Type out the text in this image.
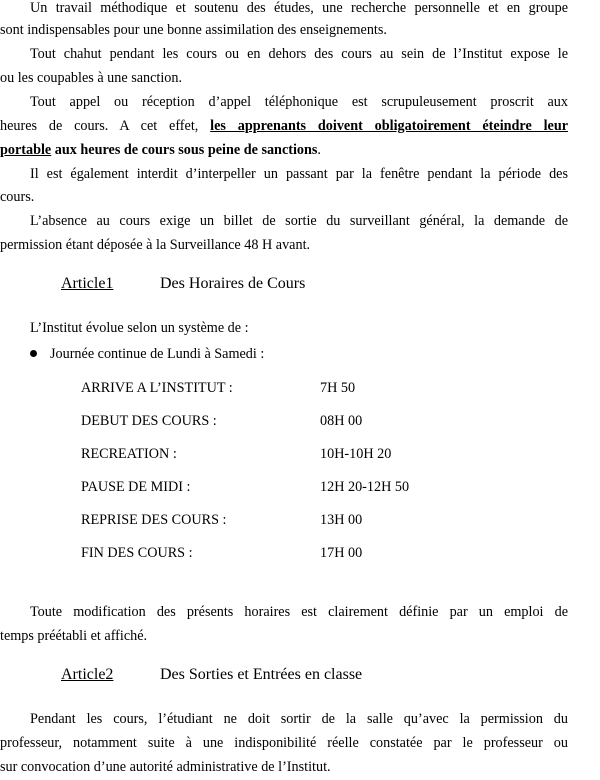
Un travail méthodique et soutenu des études, une recherche personnelle et en groupe
sont indispensables pour une bonne assimilation des enseignements.
Tout chahut pendant les cours ou en dehors des cours au sein de l’Institut expose le
ou les coupables à une sanction.
Tout appel ou réception d’appel téléphonique est scrupuleusement proscrit aux
heures de cours. A cet effet, les apprenants doivent obligatoirement éteindre leur
portable aux heures de cours sous peine de sanctions.
Il est également interdit d’interpeller un passant par la fenêtre pendant la période des
cours.
L’absence au cours exige un billet de sortie du surveillant général, la demande de
permission étant déposée à la Surveillance 48 H avant.
Article1	Des Horaires de Cours
L’Institut évolue selon un système de :
Journée continue de Lundi à Samedi :
ARRIVE A L’INSTITUT :	7H 50
DEBUT DES COURS :	08H 00
RECREATION :	10H-10H 20
PAUSE DE MIDI :	12H 20-12H 50
REPRISE DES COURS :	13H 00
FIN DES COURS :	17H 00
Toute modification des présents horaires est clairement définie par un emploi de
temps préétabli et affiché.
Article2	Des Sorties et Entrées en classe
Pendant les cours, l’étudiant ne doit sortir de la salle qu’avec la permission du
professeur, notamment suite à une indisponibilité réelle constatée par le professeur ou
sur convocation d’une autorité administrative de l’Institut.
